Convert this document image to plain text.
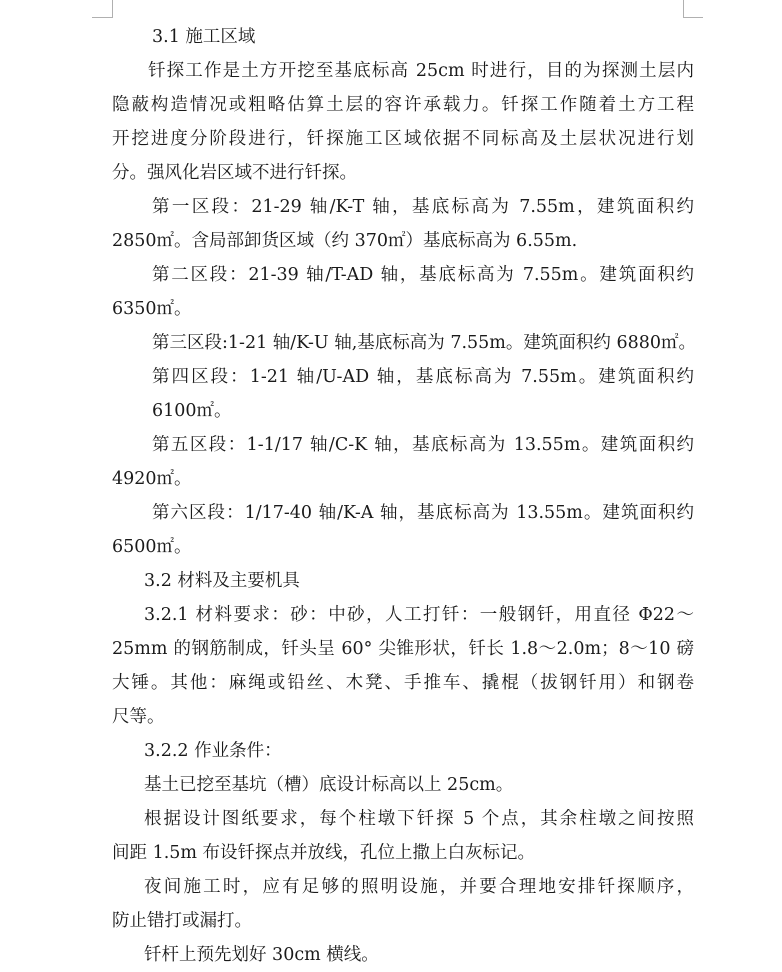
3.1 施工区域
钎探工作是土方开挖至基底标高 25cm 时进行，目的为探测土层内
隐蔽构造情况或粗略估算土层的容许承载力。钎探工作随着土方工程
开挖进度分阶段进行，钎探施工区域依据不同标高及土层状况进行划
分。强风化岩区域不进行钎探。
第一区段：21-29 轴/K-T 轴，基底标高为 7.55m，建筑面积约
2850㎡。含局部卸货区域（约 370㎡）基底标高为 6.55m.
第二区段：21-39 轴/T-AD 轴，基底标高为 7.55m。建筑面积约
6350㎡。
第三区段:1-21 轴/K-U 轴,基底标高为 7.55m。建筑面积约 6880㎡。
第四区段：1-21 轴/U-AD 轴，基底标高为 7.55m。建筑面积约
6100㎡。
第五区段：1-1/17 轴/C-K 轴，基底标高为 13.55m。建筑面积约
4920㎡。
第六区段：1/17-40 轴/K-A 轴，基底标高为 13.55m。建筑面积约
6500㎡。
3.2 材料及主要机具
3.2.1 材料要求：砂：中砂，人工打钎：一般钢钎，用直径 Φ22～
25mm 的钢筋制成，钎头呈 60° 尖锥形状，钎长 1.8～2.0m；8～10 磅
大锤。其他：麻绳或铅丝、木凳、手推车、撬棍（拔钢钎用）和钢卷
尺等。
3.2.2 作业条件：
基土已挖至基坑（槽）底设计标高以上 25cm。
根据设计图纸要求，每个柱墩下钎探 5 个点，其余柱墩之间按照
间距 1.5m 布设钎探点并放线，孔位上撒上白灰标记。
夜间施工时，应有足够的照明设施，并要合理地安排钎探顺序，
防止错打或漏打。
钎杆上预先划好 30cm 横线。
